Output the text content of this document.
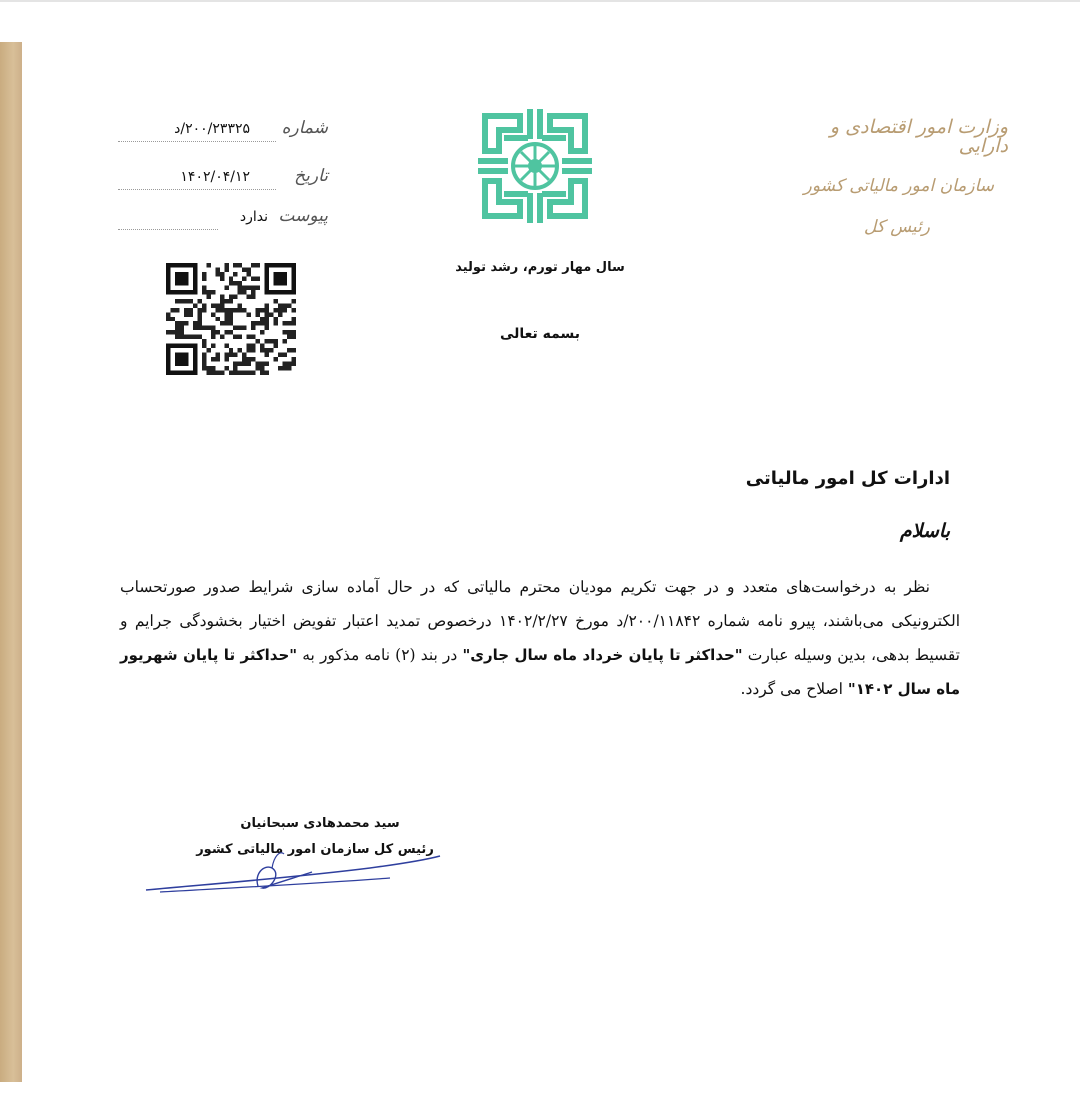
وزارت امور اقتصادی و دارایی
سازمان امور مالیاتی کشور
رئیس کل
سال مهار تورم، رشد تولید
بسمه تعالی
شماره
۲۰۰/۲۳۳۲۵/د
تاریخ
۱۴۰۲/۰۴/۱۲
پیوست
ندارد
ادارات کل امور مالیاتی
باسلام
نظر به درخواست‌های متعدد و در جهت تکریم مودیان محترم مالیاتی که در حال آماده سازی شرایط صدور صورتحساب الکترونیکی می‌باشند، پیرو نامه شماره ۲۰۰/۱۱۸۴۲/د مورخ ۱۴۰۲/۲/۲۷ درخصوص تمدید اعتبار تفویض اختیار بخشودگی جرایم و تقسیط بدهی، بدین وسیله عبارت "حداکثر تا پایان خرداد ماه سال جاری" در بند (۲) نامه مذکور به "حداکثر تا پایان شهریور ماه سال ۱۴۰۲" اصلاح می گردد.
سید محمدهادی سبحانیان
رئیس کل سازمان امور مالیاتی کشور
